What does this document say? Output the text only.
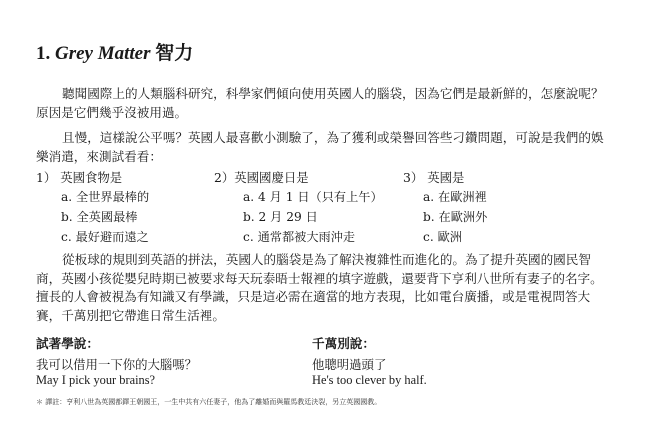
1. Grey Matter 智力

聽聞國際上的人類腦科研究，科學家們傾向使用英國人的腦袋，因為它們是最新鮮的，怎麼說呢？原因是它們幾乎沒被用過。

且慢，這樣說公平嗎？英國人最喜歡小測驗了，為了獲利或榮譽回答些刁鑽問題，可說是我們的娛樂消遣，來測試看看：

1） 英國食物是
a. 全世界最棒的
b. 全英國最棒
c. 最好避而遠之
2）英國國慶日是
a. 4 月 1 日（只有上午）
b. 2 月 29 日
c. 通常都被大雨沖走
3） 英國是
a. 在歐洲裡
b. 在歐洲外
c. 歐洲

從板球的規則到英語的拼法，英國人的腦袋是為了解決複雜性而進化的。為了提升英國的國民智商，英國小孩從嬰兒時期已被要求每天玩泰晤士報裡的填字遊戲，還要背下亨利八世所有妻子的名字。擅長的人會被視為有知識又有學識，只是這必需在適當的地方表現，比如電台廣播，或是電視問答大賽，千萬別把它帶進日常生活裡。

試著學說：
我可以借用一下你的大腦嗎？
May I pick your brains?
千萬別說：
他聰明過頭了
He's too clever by half.
＊ 譯註：亨利八世為英國都鐸王朝國王，一生中共有六任妻子，他為了離婚而與羅馬教廷決裂，另立英國國教。
